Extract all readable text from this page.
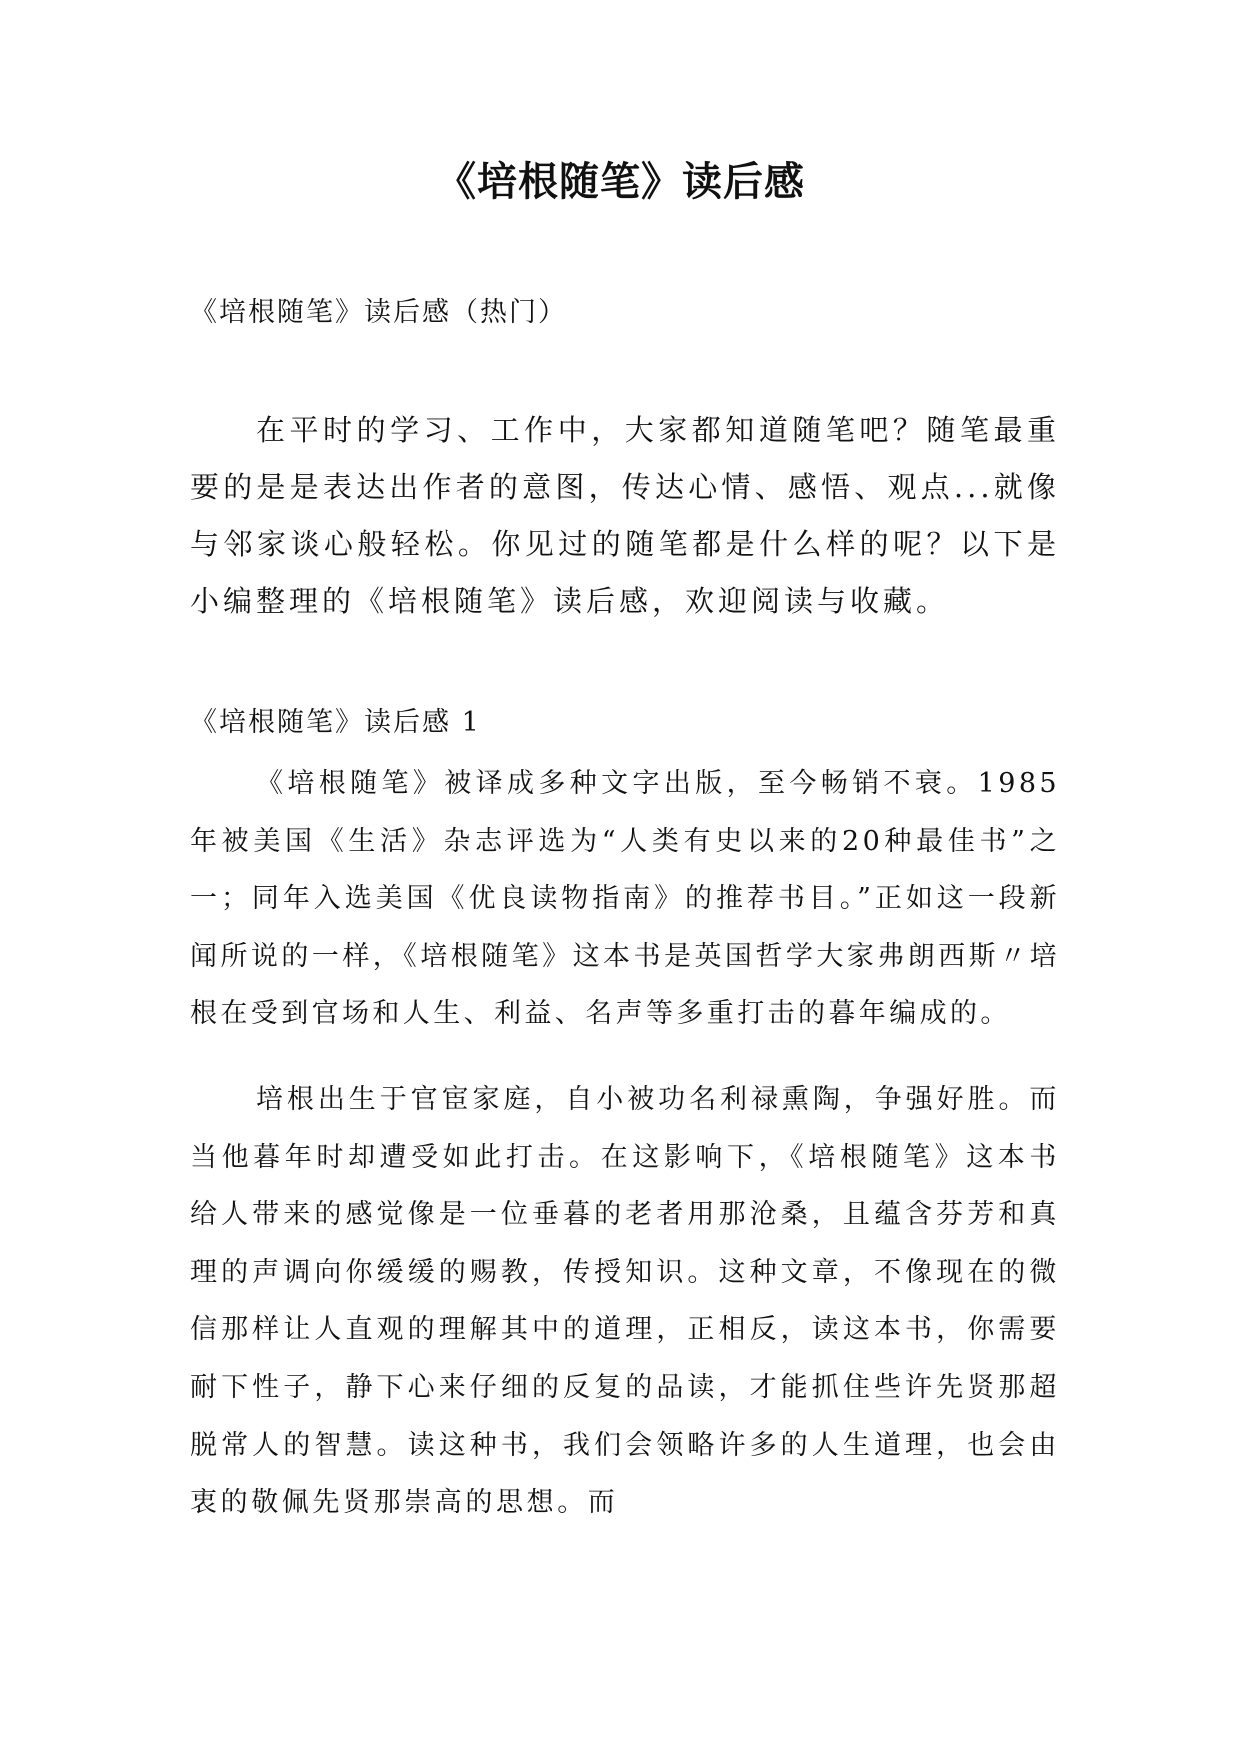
《培根随笔》读后感
《培根随笔》读后感（热门）

在平时的学习、工作中，大家都知道随笔吧？随笔最重要的是是表达出作者的意图，传达心情、感悟、观点...就像与邻家谈心般轻松。你见过的随笔都是什么样的呢？以下是小编整理的《培根随笔》读后感，欢迎阅读与收藏。

《培根随笔》读后感 1

《培根随笔》被译成多种文字出版，至今畅销不衰。1985年被美国《生活》杂志评选为“人类有史以来的20种最佳书”之一；同年入选美国《优良读物指南》的推荐书目。”正如这一段新闻所说的一样，《培根随笔》这本书是英国哲学大家弗朗西斯〃培根在受到官场和人生、利益、名声等多重打击的暮年编成的。

培根出生于官宦家庭，自小被功名利禄熏陶，争强好胜。而当他暮年时却遭受如此打击。在这影响下，《培根随笔》这本书给人带来的感觉像是一位垂暮的老者用那沧桑，且蕴含芬芳和真理的声调向你缓缓的赐教，传授知识。这种文章，不像现在的微信那样让人直观的理解其中的道理，正相反，读这本书，你需要耐下性子，静下心来仔细的反复的品读，才能抓住些许先贤那超脱常人的智慧。读这种书，我们会领略许多的人生道理，也会由衷的敬佩先贤那崇高的思想。而
